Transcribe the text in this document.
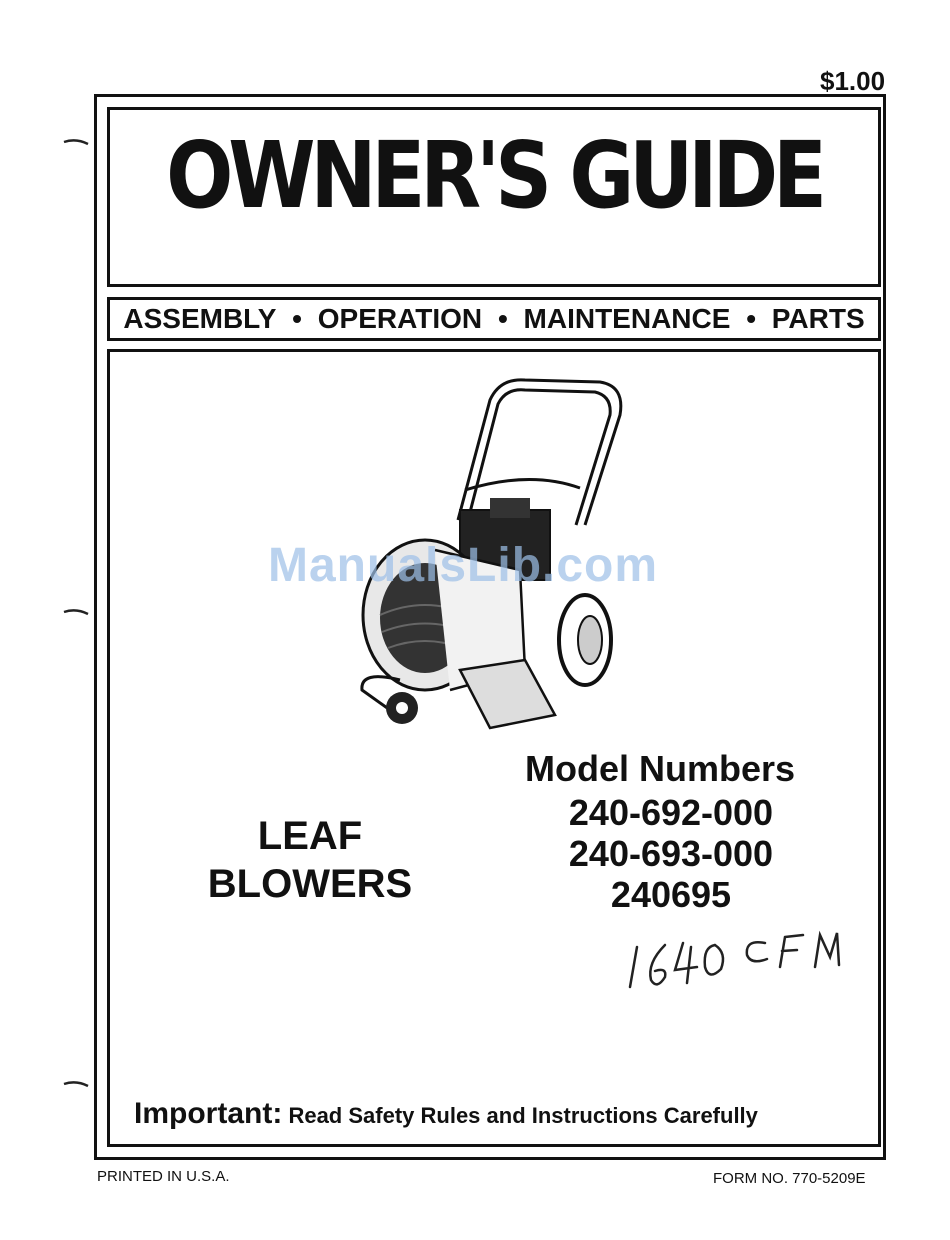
$1.00
OWNER'S GUIDE
ASSEMBLY • OPERATION • MAINTENANCE • PARTS
ManualsLib.com
Model Numbers
240-692-000
240-693-000
240695
LEAF
BLOWERS
Important: Read Safety Rules and Instructions Carefully
PRINTED IN U.S.A.	FORM NO. 770-5209E
